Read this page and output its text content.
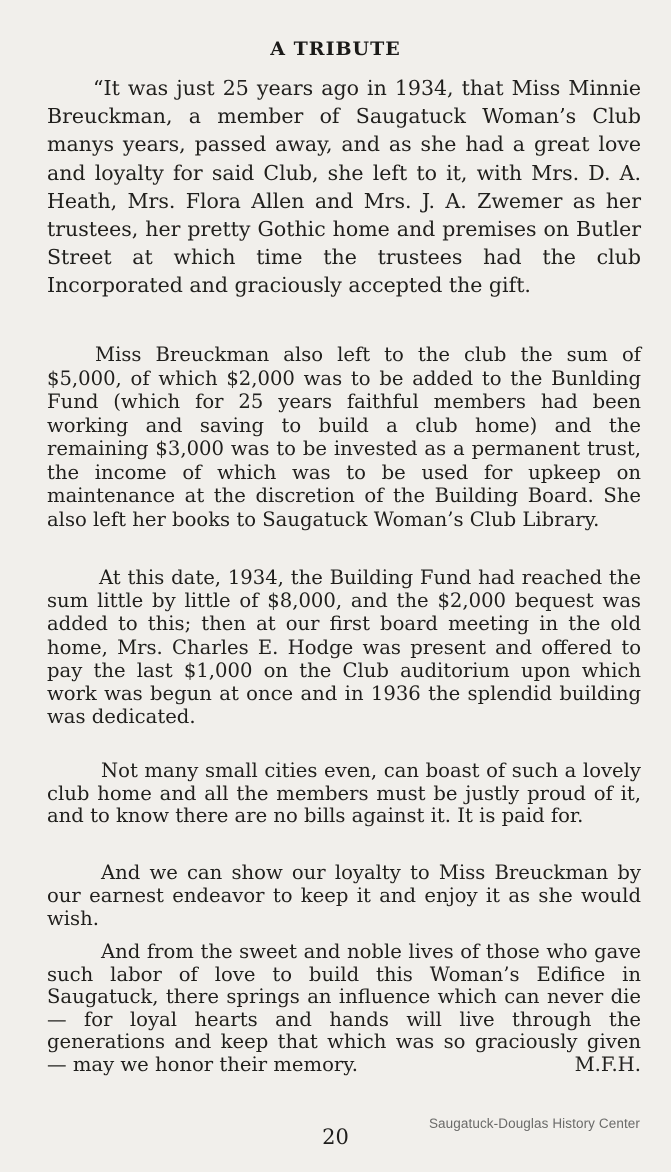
A TRIBUTE

“It was just 25 years ago in 1934, that Miss Minnie Breuckman, a member of Saugatuck Woman’s Club manys years, passed away, and as she had a great love and loyalty for said Club, she left to it, with Mrs. D. A. Heath, Mrs. Flora Allen and Mrs. J. A. Zwemer as her trustees, her pretty Gothic home and premises on Butler Street at which time the trustees had the club Incorporated and graciously accepted the gift.

Miss Breuckman also left to the club the sum of $5,000, of which $2,000 was to be added to the Bunlding Fund (which for 25 years faithful members had been working and saving to build a club home) and the remaining $3,000 was to be invested as a permanent trust, the income of which was to be used for upkeep on maintenance at the discretion of the Building Board. She also left her books to Saugatuck Woman’s Club Library.

At this date, 1934, the Building Fund had reached the sum little by little of $8,000, and the $2,000 bequest was added to this; then at our first board meeting in the old home, Mrs. Charles E. Hodge was present and offered to pay the last $1,000 on the Club auditorium upon which work was begun at once and in 1936 the splendid building was dedicated.

Not many small cities even, can boast of such a lovely club home and all the members must be justly proud of it, and to know there are no bills against it. It is paid for.

And we can show our loyalty to Miss Breuckman by our earnest endeavor to keep it and enjoy it as she would wish.

And from the sweet and noble lives of those who gave such labor of love to build this Woman’s Edifice in Saugatuck, there springs an influence which can never die — for loyal hearts and hands will live through the generations and keep that which was so graciously given — may we honor their memory.	M.F.H.

Saugatuck-Douglas History Center
20
